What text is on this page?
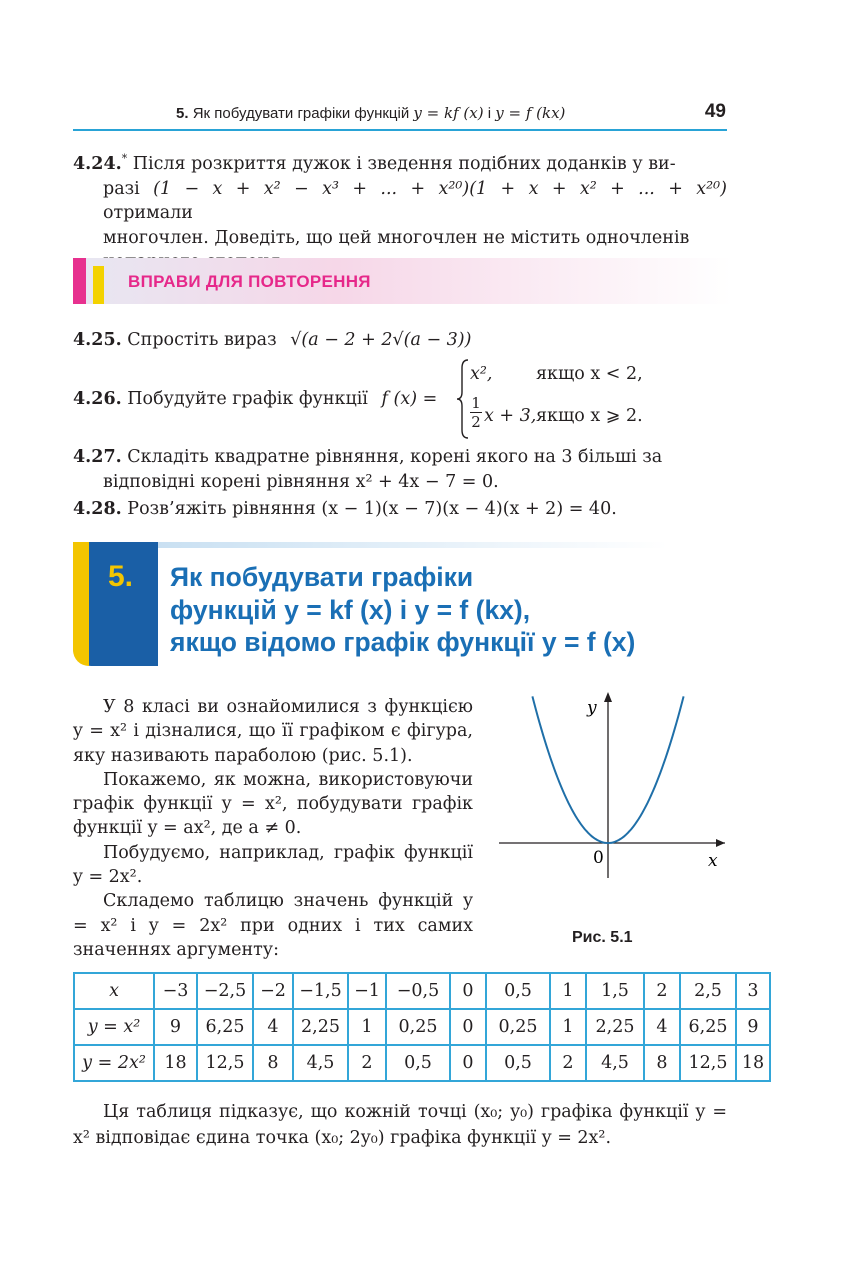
5. Як побудувати графіки функцій y = kf (x) і y = f (kx)	49
4.24.* Після розкриття дужок і зведення подібних доданків у ви-
разі (1 − x + x² − x³ + ... + x²⁰)(1 + x + x² + ... + x²⁰) отримали
многочлен. Доведіть, що цей многочлен не містить одночленів
ВПРАВИ ДЛЯ ПОВТОРЕННЯ
4.25. Спростіть вираз √(a − 2 + 2√(a − 3))
4.26. Побудуйте графік функції f (x) =
x², якщо x < 2,
$\frac{1}{2}$ x + 3, якщо x ⩾ 2.
4.27. Складіть квадратне рівняння, корені якого на 3 більші за
відповідні корені рівняння x² + 4x − 7 = 0.
4.28. Розв’яжіть рівняння (x − 1)(x − 7)(x − 4)(x + 2) = 40.
5. Як побудувати графіки
функцій y = kf (x) і y = f (kx),
якщо відомо графік функції y = f (x)
У 8 класі ви ознайомилися з функцією y = x² і дізналися, що її графіком є фігура, яку називають параболою (рис. 5.1).
Покажемо, як можна, використовуючи графік функції y = x², побудувати графік функції y = ax², де a ≠ 0.
Побудуємо, наприклад, графік функції y = 2x².
Складемо таблицю значень функцій y = x² і y = 2x² при одних і тих самих значеннях аргументу:
y
x
0
Рис. 5.1
x	−3	−2,5	−2	−1,5	−1	−0,5	0	0,5	1	1,5	2	2,5	3
y = x²	9	6,25	4	2,25	1	0,25	0	0,25	1	2,25	4	6,25	9
y = 2x²	18	12,5	8	4,5	2	0,5	0	0,5	2	4,5	8	12,5	18
Ця таблиця підказує, що кожній точці (x₀; y₀) графіка функції y = x² відповідає єдина точка (x₀; 2y₀) графіка функції y = 2x².
